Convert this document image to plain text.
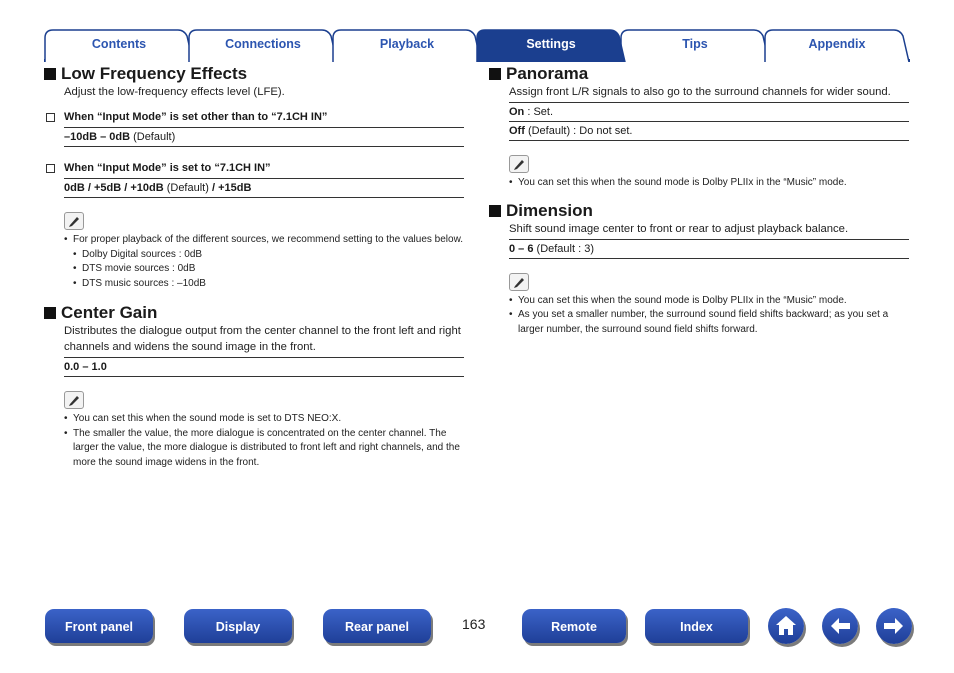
Contents	Connections	Playback	Tips	Appendix
Settings
Low Frequency Effects

Adjust the low-frequency effects level (LFE).

When “Input Mode” is set other than to “7.1CH IN”
–10dB – 0dB (Default)
When “Input Mode” is set to “7.1CH IN”
0dB / +5dB / +10dB (Default) / +15dB
• For proper playback of the different sources, we recommend setting to the values below.
• Dolby Digital sources : 0dB
• DTS movie sources : 0dB
• DTS music sources : –10dB
Center Gain

Distributes the dialogue output from the center channel to the front left and right channels and widens the sound image in the front.

0.0 – 1.0
• You can set this when the sound mode is set to DTS NEO:X.
• The smaller the value, the more dialogue is concentrated on the center channel. The larger the value, the more dialogue is distributed to front left and right channels, and the more the sound image widens in the front.
Panorama

Assign front L/R signals to also go to the surround channels for wider sound.

On : Set.
Off (Default) : Do not set.
• You can set this when the sound mode is Dolby PLIIx in the “Music” mode.
Dimension

Shift sound image center to front or rear to adjust playback balance.

0 – 6 (Default : 3)
• You can set this when the sound mode is Dolby PLIIx in the “Music” mode.
• As you set a smaller number, the surround sound field shifts backward; as you set a larger number, the surround sound field shifts forward.
Front panel	Display	Rear panel	163	Remote	Index
